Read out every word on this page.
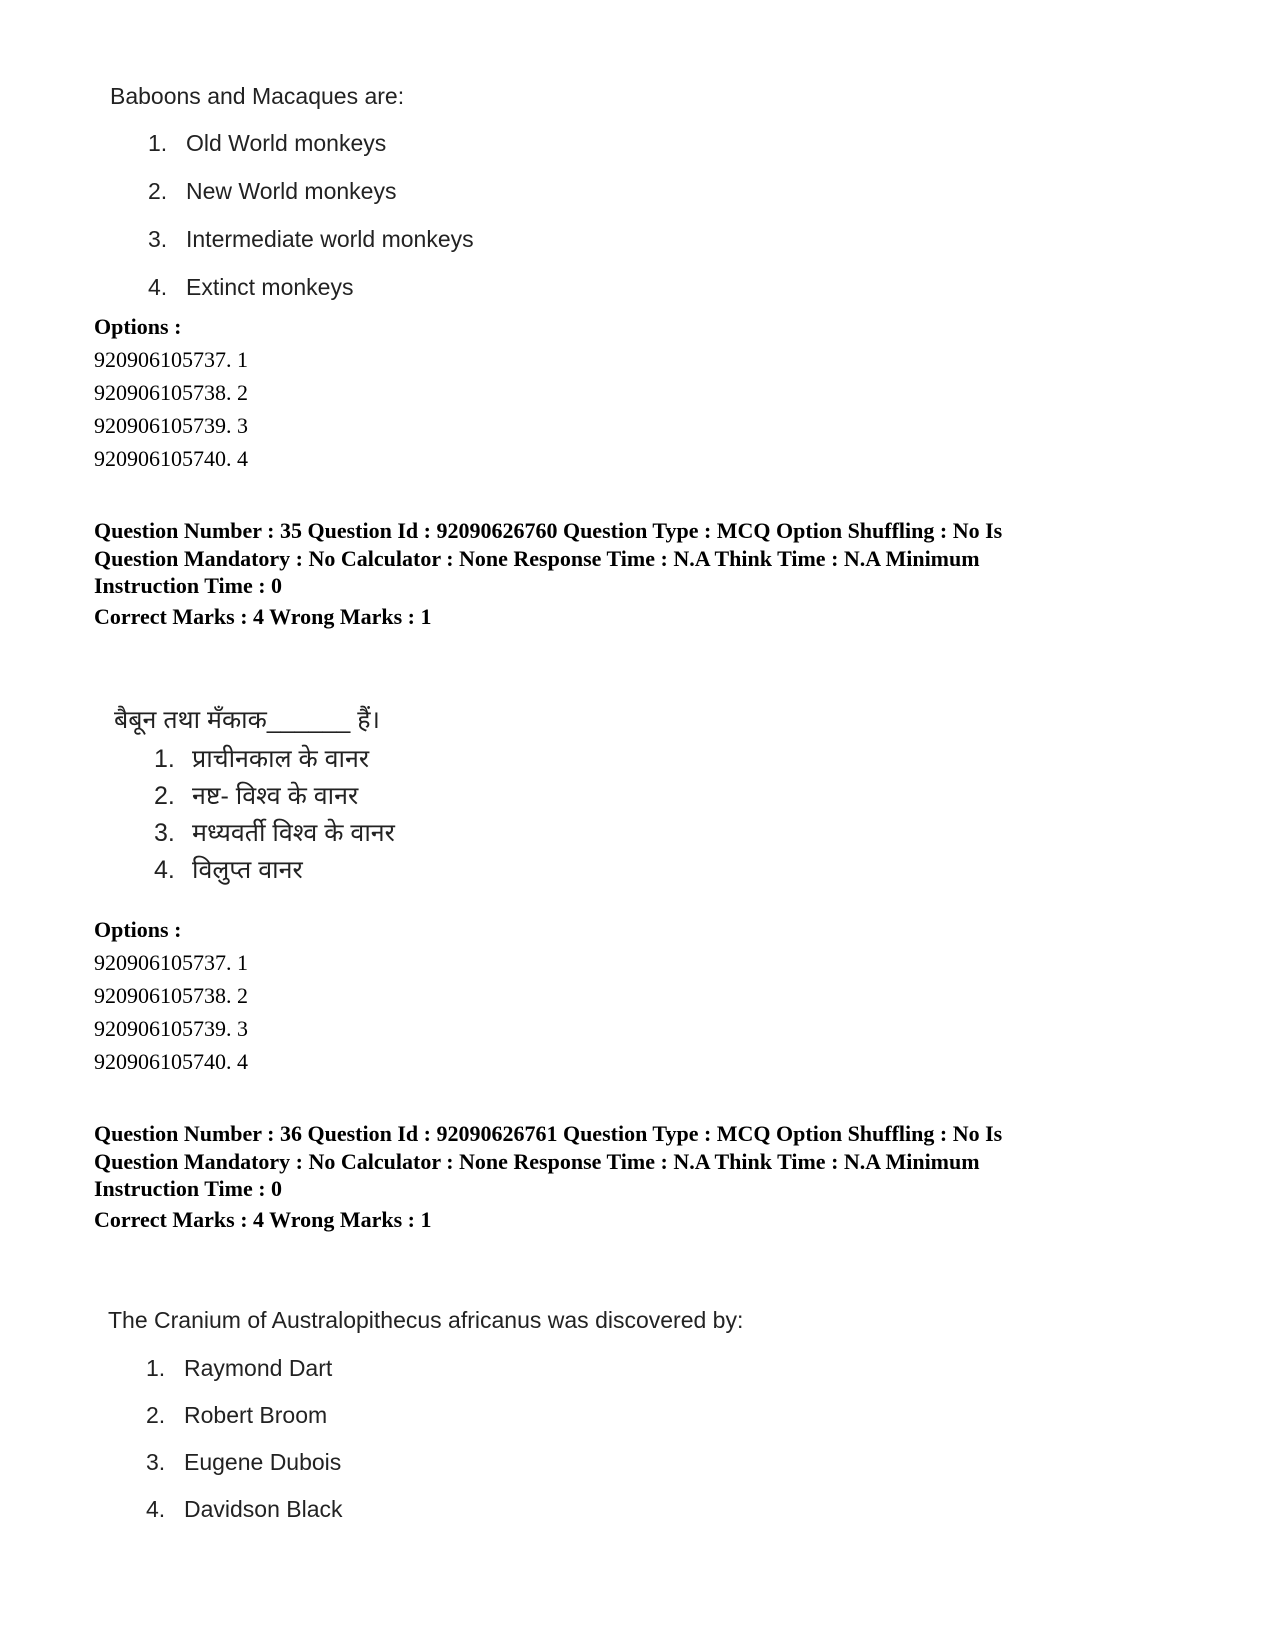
Baboons and Macaques are:
1. Old World monkeys
2. New World monkeys
3. Intermediate world monkeys
4. Extinct monkeys
Options :
920906105737. 1
920906105738. 2
920906105739. 3
920906105740. 4
Question Number : 35 Question Id : 92090626760 Question Type : MCQ Option Shuffling : No Is
Question Mandatory : No Calculator : None Response Time : N.A Think Time : N.A Minimum
Instruction Time : 0
Correct Marks : 4 Wrong Marks : 1
बैबून तथा मँकाक______ हैं।
1. प्राचीनकाल के वानर
2. नष्ट- विश्व के वानर
3. मध्यवर्ती विश्व के वानर
4. विलुप्त वानर
Options :
920906105737. 1
920906105738. 2
920906105739. 3
920906105740. 4
Question Number : 36 Question Id : 92090626761 Question Type : MCQ Option Shuffling : No Is
Question Mandatory : No Calculator : None Response Time : N.A Think Time : N.A Minimum
Instruction Time : 0
Correct Marks : 4 Wrong Marks : 1
The Cranium of Australopithecus africanus was discovered by:
1. Raymond Dart
2. Robert Broom
3. Eugene Dubois
4. Davidson Black
